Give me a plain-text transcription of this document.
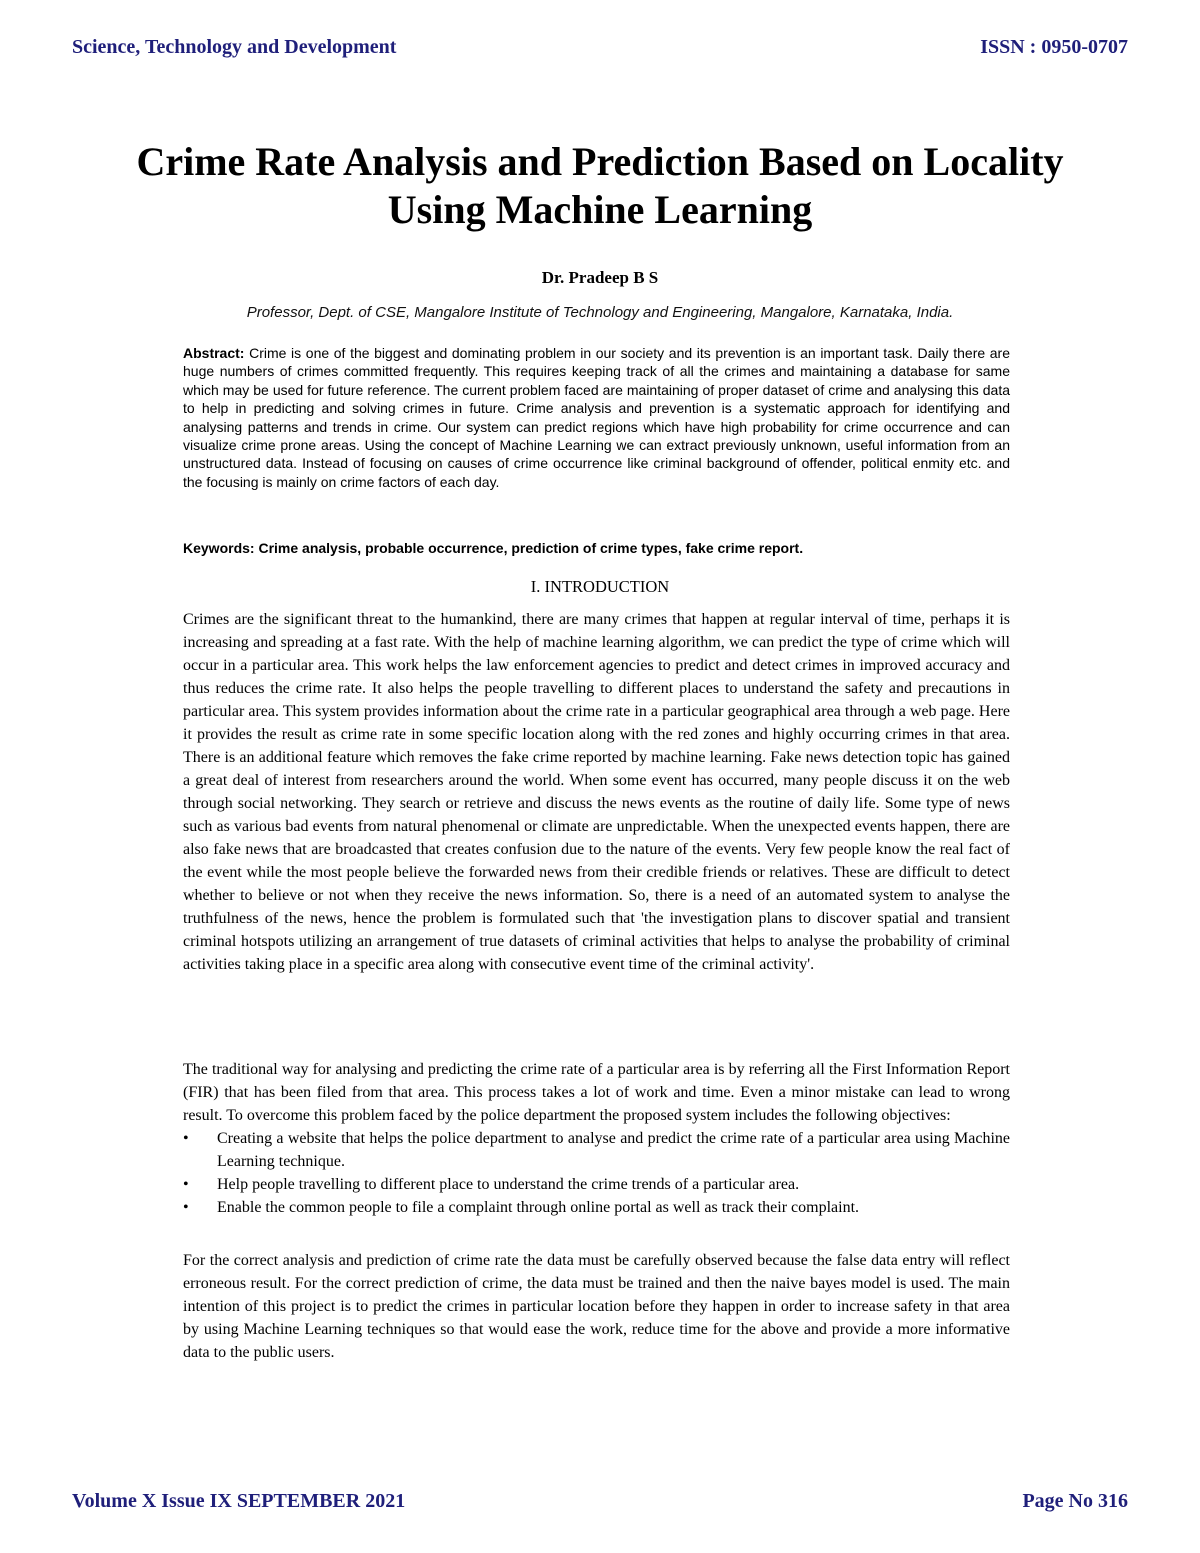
Science, Technology and Development	ISSN : 0950-0707
Crime Rate Analysis and Prediction Based on Locality Using Machine Learning
Dr. Pradeep B S
Professor, Dept. of CSE, Mangalore Institute of Technology and Engineering, Mangalore, Karnataka, India.
Abstract: Crime is one of the biggest and dominating problem in our society and its prevention is an important task. Daily there are huge numbers of crimes committed frequently. This requires keeping track of all the crimes and maintaining a database for same which may be used for future reference. The current problem faced are maintaining of proper dataset of crime and analysing this data to help in predicting and solving crimes in future. Crime analysis and prevention is a systematic approach for identifying and analysing patterns and trends in crime. Our system can predict regions which have high probability for crime occurrence and can visualize crime prone areas. Using the concept of Machine Learning we can extract previously unknown, useful information from an unstructured data. Instead of focusing on causes of crime occurrence like criminal background of offender, political enmity etc. and the focusing is mainly on crime factors of each day.
Keywords: Crime analysis, probable occurrence, prediction of crime types, fake crime report.
I. INTRODUCTION

Crimes are the significant threat to the humankind, there are many crimes that happen at regular interval of time, perhaps it is increasing and spreading at a fast rate. With the help of machine learning algorithm, we can predict the type of crime which will occur in a particular area. This work helps the law enforcement agencies to predict and detect crimes in improved accuracy and thus reduces the crime rate. It also helps the people travelling to different places to understand the safety and precautions in particular area. This system provides information about the crime rate in a particular geographical area through a web page. Here it provides the result as crime rate in some specific location along with the red zones and highly occurring crimes in that area. There is an additional feature which removes the fake crime reported by machine learning. Fake news detection topic has gained a great deal of interest from researchers around the world. When some event has occurred, many people discuss it on the web through social networking. They search or retrieve and discuss the news events as the routine of daily life. Some type of news such as various bad events from natural phenomenal or climate are unpredictable. When the unexpected events happen, there are also fake news that are broadcasted that creates confusion due to the nature of the events. Very few people know the real fact of the event while the most people believe the forwarded news from their credible friends or relatives. These are difficult to detect whether to believe or not when they receive the news information. So, there is a need of an automated system to analyse the truthfulness of the news, hence the problem is formulated such that 'the investigation plans to discover spatial and transient criminal hotspots utilizing an arrangement of true datasets of criminal activities that helps to analyse the probability of criminal activities taking place in a specific area along with consecutive event time of the criminal activity'.

The traditional way for analysing and predicting the crime rate of a particular area is by referring all the First Information Report (FIR) that has been filed from that area. This process takes a lot of work and time. Even a minor mistake can lead to wrong result. To overcome this problem faced by the police department the proposed system includes the following objectives:

• Creating a website that helps the police department to analyse and predict the crime rate of a particular area using Machine Learning technique.
• Help people travelling to different place to understand the crime trends of a particular area.
• Enable the common people to file a complaint through online portal as well as track their complaint.

For the correct analysis and prediction of crime rate the data must be carefully observed because the false data entry will reflect erroneous result. For the correct prediction of crime, the data must be trained and then the naive bayes model is used. The main intention of this project is to predict the crimes in particular location before they happen in order to increase safety in that area by using Machine Learning techniques so that would ease the work, reduce time for the above and provide a more informative data to the public users.

Volume X Issue IX SEPTEMBER 2021	Page No 316
